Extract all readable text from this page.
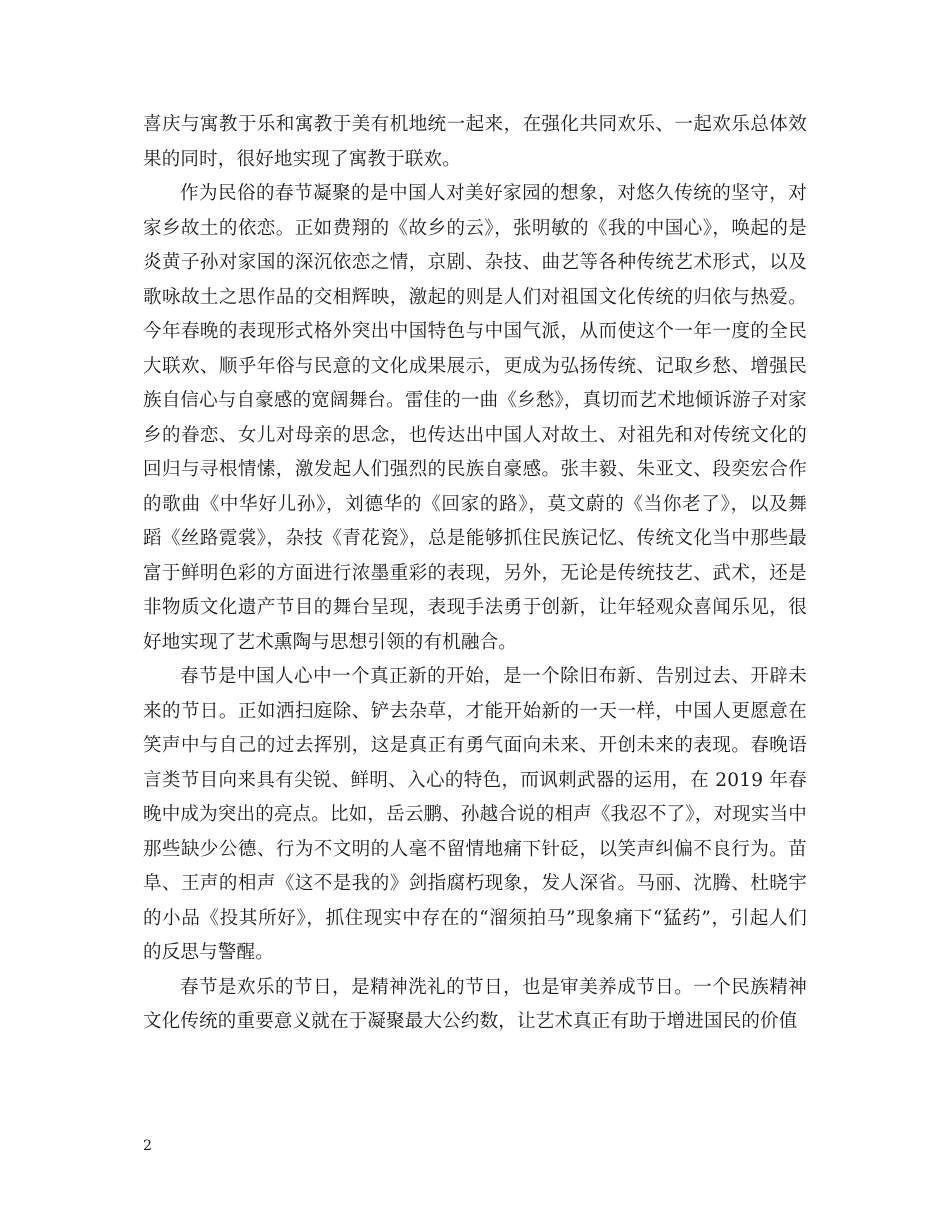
喜庆与寓教于乐和寓教于美有机地统一起来，在强化共同欢乐、一起欢乐总体效果的同时，很好地实现了寓教于联欢。

作为民俗的春节凝聚的是中国人对美好家园的想象，对悠久传统的坚守，对家乡故土的依恋。正如费翔的《故乡的云》，张明敏的《我的中国心》，唤起的是炎黄子孙对家国的深沉依恋之情，京剧、杂技、曲艺等各种传统艺术形式，以及歌咏故土之思作品的交相辉映，激起的则是人们对祖国文化传统的归依与热爱。今年春晚的表现形式格外突出中国特色与中国气派，从而使这个一年一度的全民大联欢、顺乎年俗与民意的文化成果展示，更成为弘扬传统、记取乡愁、增强民族自信心与自豪感的宽阔舞台。雷佳的一曲《乡愁》，真切而艺术地倾诉游子对家乡的眷恋、女儿对母亲的思念，也传达出中国人对故土、对祖先和对传统文化的回归与寻根情愫，激发起人们强烈的民族自豪感。张丰毅、朱亚文、段奕宏合作的歌曲《中华好儿孙》，刘德华的《回家的路》，莫文蔚的《当你老了》，以及舞蹈《丝路霓裳》，杂技《青花瓷》，总是能够抓住民族记忆、传统文化当中那些最富于鲜明色彩的方面进行浓墨重彩的表现，另外，无论是传统技艺、武术，还是非物质文化遗产节目的舞台呈现，表现手法勇于创新，让年轻观众喜闻乐见，很好地实现了艺术熏陶与思想引领的有机融合。

春节是中国人心中一个真正新的开始，是一个除旧布新、告别过去、开辟未来的节日。正如洒扫庭除、铲去杂草，才能开始新的一天一样，中国人更愿意在笑声中与自己的过去挥别，这是真正有勇气面向未来、开创未来的表现。春晚语言类节目向来具有尖锐、鲜明、入心的特色，而讽刺武器的运用，在 2019 年春晚中成为突出的亮点。比如，岳云鹏、孙越合说的相声《我忍不了》，对现实当中那些缺少公德、行为不文明的人毫不留情地痛下针砭，以笑声纠偏不良行为。苗阜、王声的相声《这不是我的》剑指腐朽现象，发人深省。马丽、沈腾、杜晓宇的小品《投其所好》，抓住现实中存在的“溜须拍马”现象痛下“猛药”，引起人们的反思与警醒。

春节是欢乐的节日，是精神洗礼的节日，也是审美养成节日。一个民族精神文化传统的重要意义就在于凝聚最大公约数，让艺术真正有助于增进国民的价值

2
